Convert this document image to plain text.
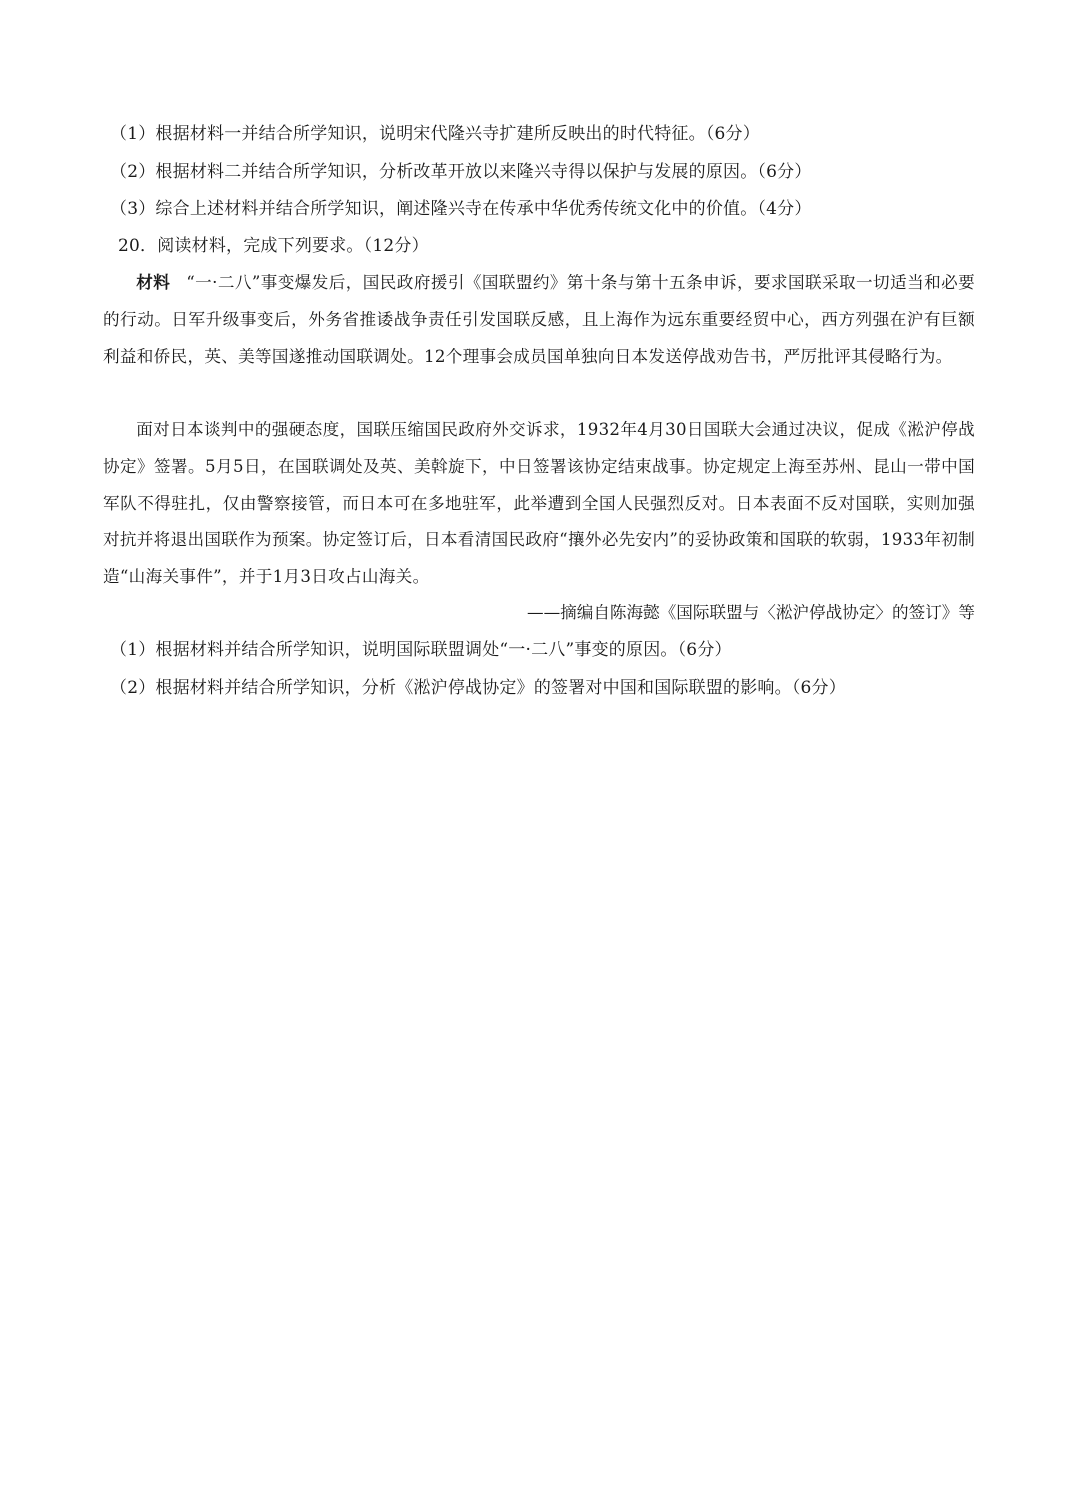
（1）根据材料一并结合所学知识，说明宋代隆兴寺扩建所反映出的时代特征。（6分）
（2）根据材料二并结合所学知识，分析改革开放以来隆兴寺得以保护与发展的原因。（6分）
（3）综合上述材料并结合所学知识，阐述隆兴寺在传承中华优秀传统文化中的价值。（4分）
20．阅读材料，完成下列要求。（12分）
材料 “一·二八”事变爆发后，国民政府援引《国联盟约》第十条与第十五条申诉，要求国联采取一切适当和必要的行动。日军升级事变后，外务省推诿战争责任引发国联反感，且上海作为远东重要经贸中心，西方列强在沪有巨额利益和侨民，英、美等国遂推动国联调处。12个理事会成员国单独向日本发送停战劝告书，严厉批评其侵略行为。
面对日本谈判中的强硬态度，国联压缩国民政府外交诉求，1932年4月30日国联大会通过决议，促成《淞沪停战协定》签署。5月5日，在国联调处及英、美斡旋下，中日签署该协定结束战事。协定规定上海至苏州、昆山一带中国军队不得驻扎，仅由警察接管，而日本可在多地驻军，此举遭到全国人民强烈反对。日本表面不反对国联，实则加强对抗并将退出国联作为预案。协定签订后，日本看清国民政府“攘外必先安内”的妥协政策和国联的软弱，1933年初制造“山海关事件”，并于1月3日攻占山海关。
——摘编自陈海懿《国际联盟与〈淞沪停战协定〉的签订》等
（1）根据材料并结合所学知识，说明国际联盟调处“一·二八”事变的原因。（6分）
（2）根据材料并结合所学知识，分析《淞沪停战协定》的签署对中国和国际联盟的影响。（6分）
